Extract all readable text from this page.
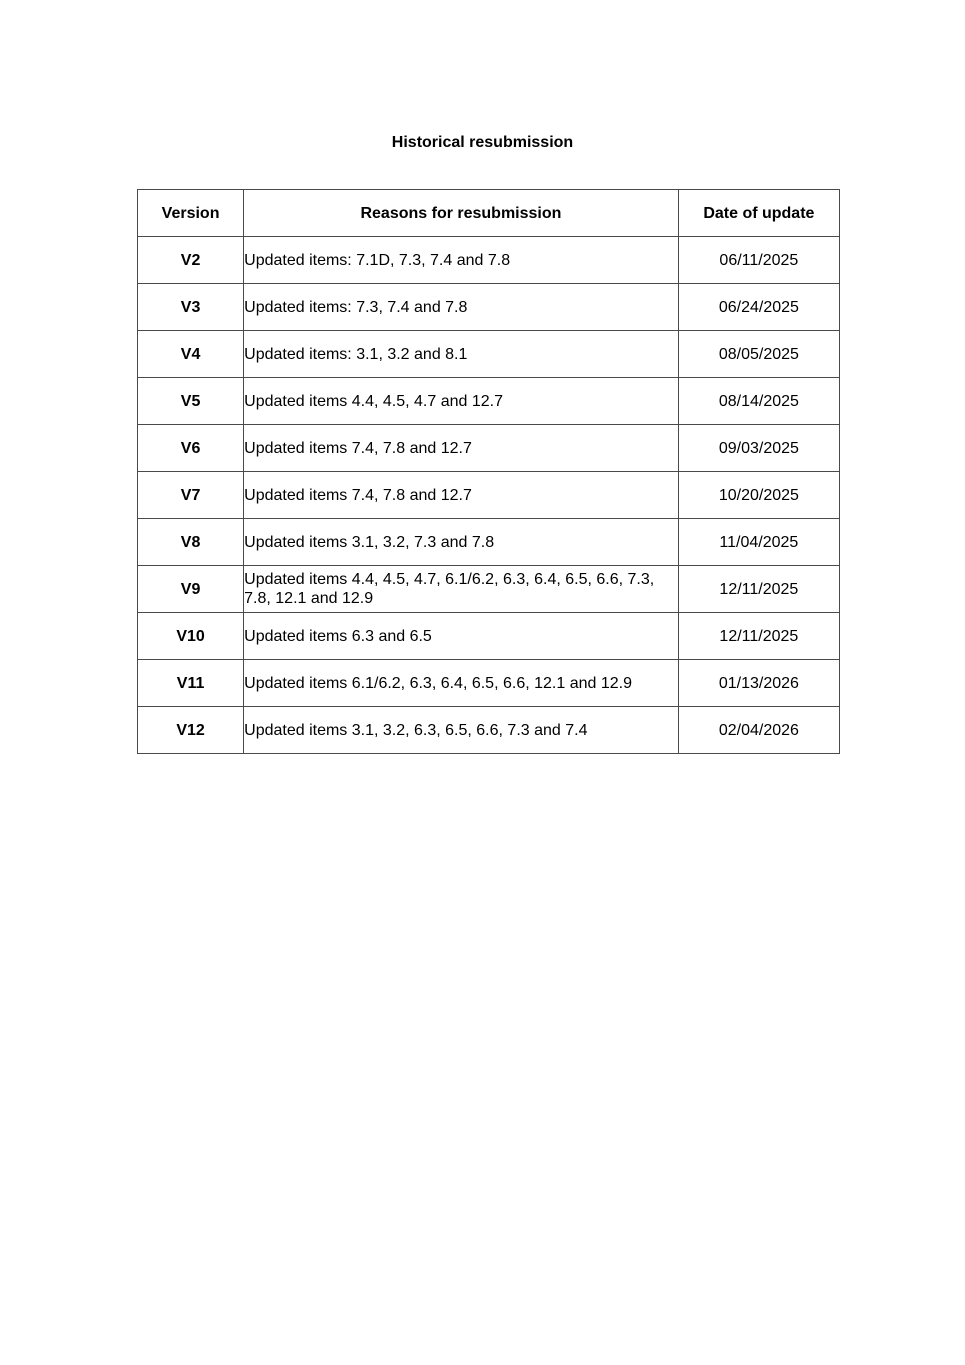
Historical resubmission
Version	Reasons for resubmission	Date of update
V2	Updated items: 7.1D, 7.3, 7.4 and 7.8	06/11/2025
V3	Updated items: 7.3, 7.4 and 7.8	06/24/2025
V4	Updated items: 3.1, 3.2 and 8.1	08/05/2025
V5	Updated items 4.4, 4.5, 4.7 and 12.7	08/14/2025
V6	Updated items 7.4, 7.8 and 12.7	09/03/2025
V7	Updated items 7.4, 7.8 and 12.7	10/20/2025
V8	Updated items 3.1, 3.2, 7.3 and 7.8	11/04/2025
V9	Updated items 4.4, 4.5, 4.7, 6.1/6.2, 6.3, 6.4, 6.5, 6.6, 7.3, 7.8, 12.1 and 12.9	12/11/2025
V10	Updated items 6.3 and 6.5	12/11/2025
V11	Updated items 6.1/6.2, 6.3, 6.4, 6.5, 6.6, 12.1 and 12.9	01/13/2026
V12	Updated items 3.1, 3.2, 6.3, 6.5, 6.6, 7.3 and 7.4	02/04/2026
